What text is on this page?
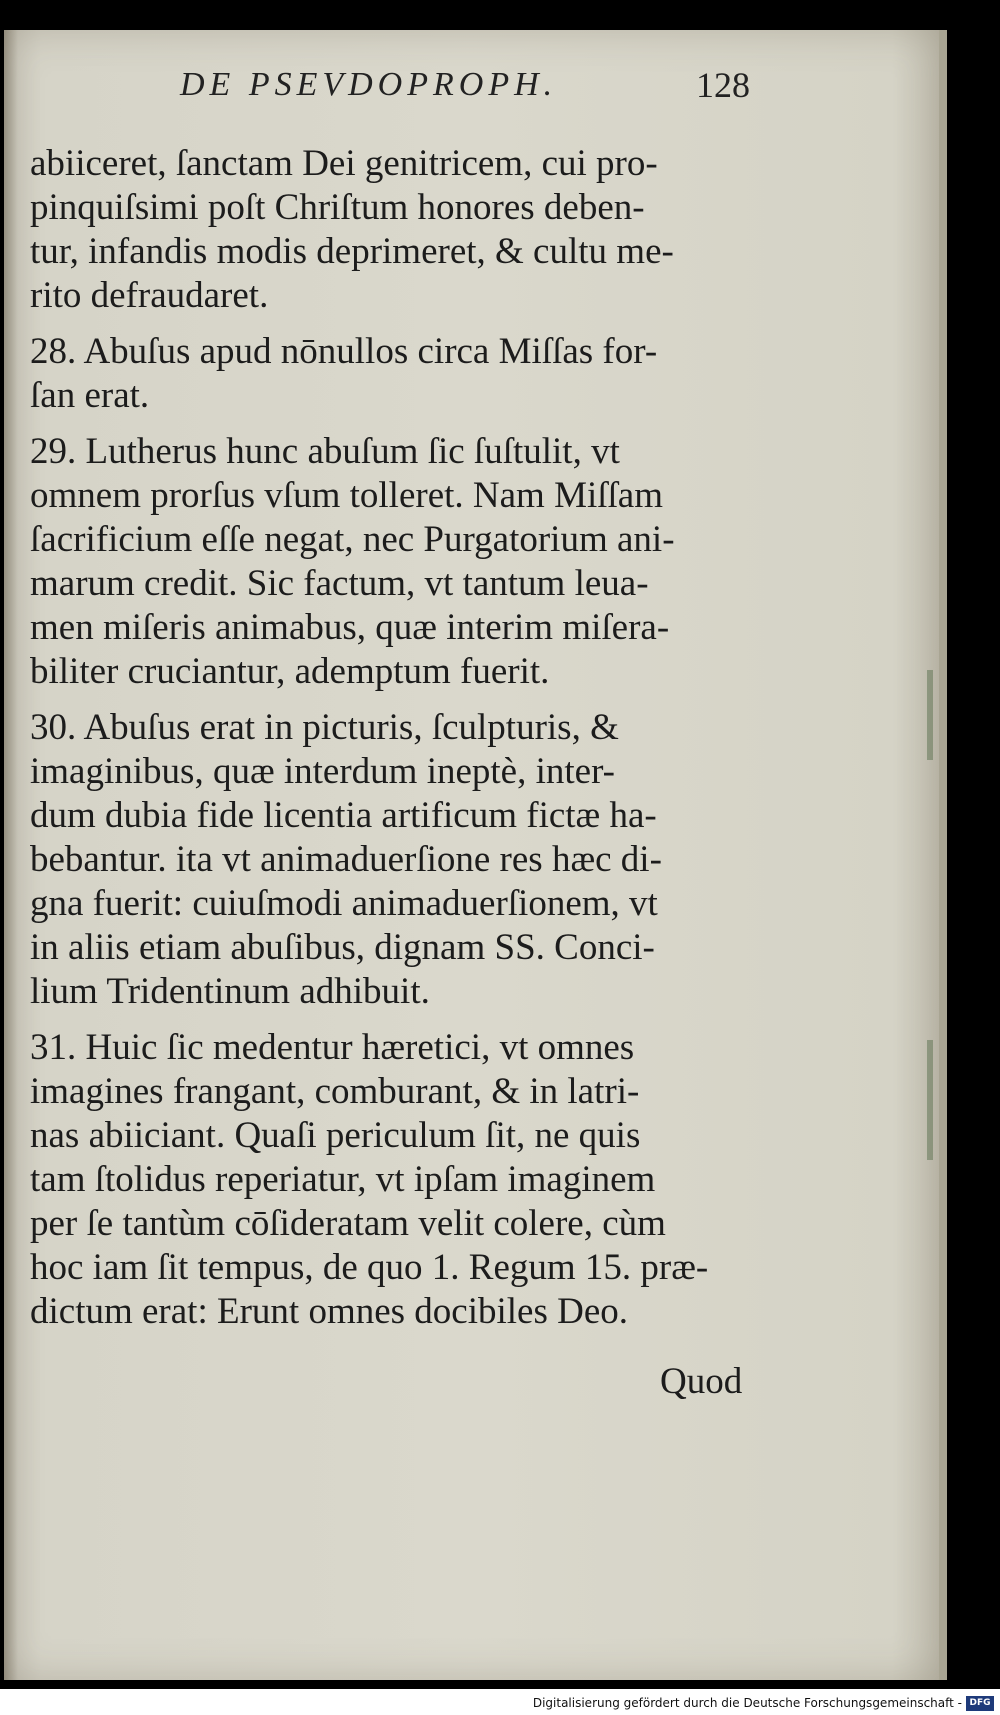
DE PSEVDOPROPH.	128
abiiceret, ſanctam Dei genitricem, cui pro-
pinquiſsimi poſt Chriſtum honores deben-
tur, infandis modis deprimeret, & cultu me-
rito defraudaret.
28. Abuſus apud nōnullos circa Miſſas for-
ſan erat.
29. Lutherus hunc abuſum ſic ſuſtulit, vt
omnem prorſus vſum tolleret. Nam Miſſam
ſacrificium eſſe negat, nec Purgatorium ani-
marum credit. Sic factum, vt tantum leua-
men miſeris animabus, quæ interim miſera-
biliter cruciantur, ademptum fuerit.
30. Abuſus erat in picturis, ſculpturis, &
imaginibus, quæ interdum ineptè, inter-
dum dubia fide licentia artificum fictæ ha-
bebantur. ita vt animaduerſione res hæc di-
gna fuerit: cuiuſmodi animaduerſionem, vt
in aliis etiam abuſibus, dignam SS. Conci-
lium Tridentinum adhibuit.
31. Huic ſic medentur hæretici, vt omnes
imagines frangant, comburant, & in latri-
nas abiiciant. Quaſi periculum ſit, ne quis
tam ſtolidus reperiatur, vt ipſam imaginem
per ſe tantùm cōſideratam velit colere, cùm
hoc iam ſit tempus, de quo 1. Regum 15. præ-
dictum erat: Erunt omnes docibiles Deo.
Quod
Digitalisierung gefördert durch die Deutsche Forschungsgemeinschaft - DFG
